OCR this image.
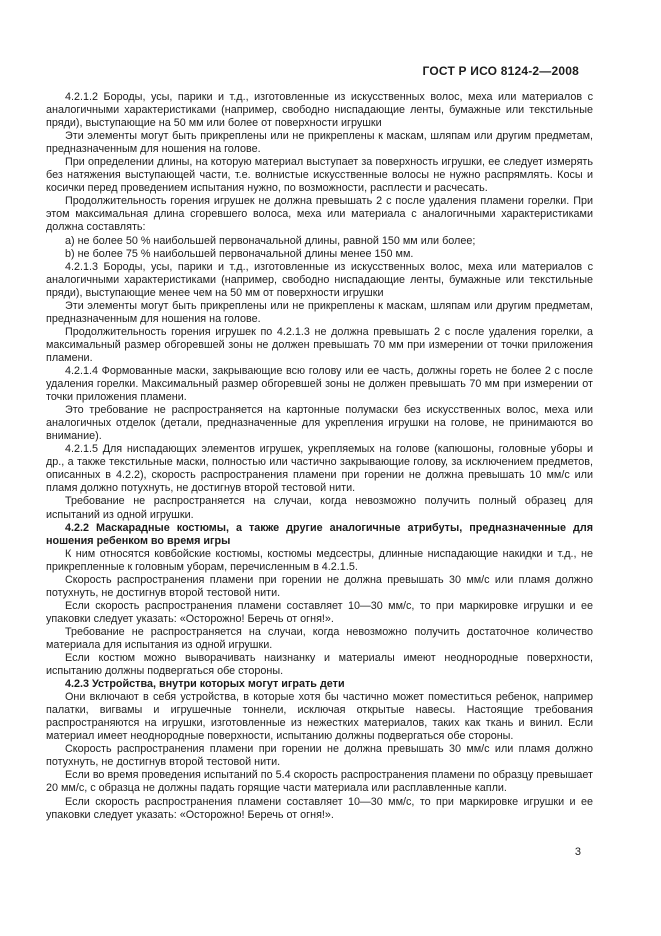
ГОСТ Р ИСО 8124-2—2008

4.2.1.2 Бороды, усы, парики и т.д., изготовленные из искусственных волос, меха или материалов с аналогичными характеристиками (например, свободно ниспадающие ленты, бумажные или текстильные пряди), выступающие на 50 мм или более от поверхности игрушки

Эти элементы могут быть прикреплены или не прикреплены к маскам, шляпам или другим предметам, предназначенным для ношения на голове.

При определении длины, на которую материал выступает за поверхность игрушки, ее следует измерять без натяжения выступающей части, т.е. волнистые искусственные волосы не нужно распрямлять. Косы и косички перед проведением испытания нужно, по возможности, расплести и расчесать.

Продолжительность горения игрушек не должна превышать 2 с после удаления пламени горелки. При этом максимальная длина сгоревшего волоса, меха или материала с аналогичными характеристиками должна составлять:

a) не более 50 % наибольшей первоначальной длины, равной 150 мм или более;

b) не более 75 % наибольшей первоначальной длины менее 150 мм.

4.2.1.3 Бороды, усы, парики и т.д., изготовленные из искусственных волос, меха или материалов с аналогичными характеристиками (например, свободно ниспадающие ленты, бумажные или текстильные пряди), выступающие менее чем на 50 мм от поверхности игрушки

Эти элементы могут быть прикреплены или не прикреплены к маскам, шляпам или другим предметам, предназначенным для ношения на голове.

Продолжительность горения игрушек по 4.2.1.3 не должна превышать 2 с после удаления горелки, а максимальный размер обгоревшей зоны не должен превышать 70 мм при измерении от точки приложения пламени.

4.2.1.4 Формованные маски, закрывающие всю голову или ее часть, должны гореть не более 2 с после удаления горелки. Максимальный размер обгоревшей зоны не должен превышать 70 мм при измерении от точки приложения пламени.

Это требование не распространяется на картонные полумаски без искусственных волос, меха или аналогичных отделок (детали, предназначенные для укрепления игрушки на голове, не принимаются во внимание).

4.2.1.5 Для ниспадающих элементов игрушек, укрепляемых на голове (капюшоны, головные уборы и др., а также текстильные маски, полностью или частично закрывающие голову, за исключением предметов, описанных в 4.2.2), скорость распространения пламени при горении не должна превышать 10 мм/с или пламя должно потухнуть, не достигнув второй тестовой нити.

Требование не распространяется на случаи, когда невозможно получить полный образец для испытаний из одной игрушки.

4.2.2 Маскарадные костюмы, а также другие аналогичные атрибуты, предназначенные для ношения ребенком во время игры

К ним относятся ковбойские костюмы, костюмы медсестры, длинные ниспадающие накидки и т.д., не прикрепленные к головным уборам, перечисленным в 4.2.1.5.

Скорость распространения пламени при горении не должна превышать 30 мм/с или пламя должно потухнуть, не достигнув второй тестовой нити.

Если скорость распространения пламени составляет 10—30 мм/с, то при маркировке игрушки и ее упаковки следует указать: «Осторожно! Беречь от огня!».

Требование не распространяется на случаи, когда невозможно получить достаточное количество материала для испытания из одной игрушки.

Если костюм можно выворачивать наизнанку и материалы имеют неоднородные поверхности, испытанию должны подвергаться обе стороны.

4.2.3 Устройства, внутри которых могут играть дети

Они включают в себя устройства, в которые хотя бы частично может поместиться ребенок, например палатки, вигвамы и игрушечные тоннели, исключая открытые навесы. Настоящие требования распространяются на игрушки, изготовленные из нежестких материалов, таких как ткань и винил. Если материал имеет неоднородные поверхности, испытанию должны подвергаться обе стороны.

Скорость распространения пламени при горении не должна превышать 30 мм/с или пламя должно потухнуть, не достигнув второй тестовой нити.

Если во время проведения испытаний по 5.4 скорость распространения пламени по образцу превышает 20 мм/с, с образца не должны падать горящие части материала или расплавленные капли.

Если скорость распространения пламени составляет 10—30 мм/с, то при маркировке игрушки и ее упаковки следует указать: «Осторожно! Беречь от огня!».

3
